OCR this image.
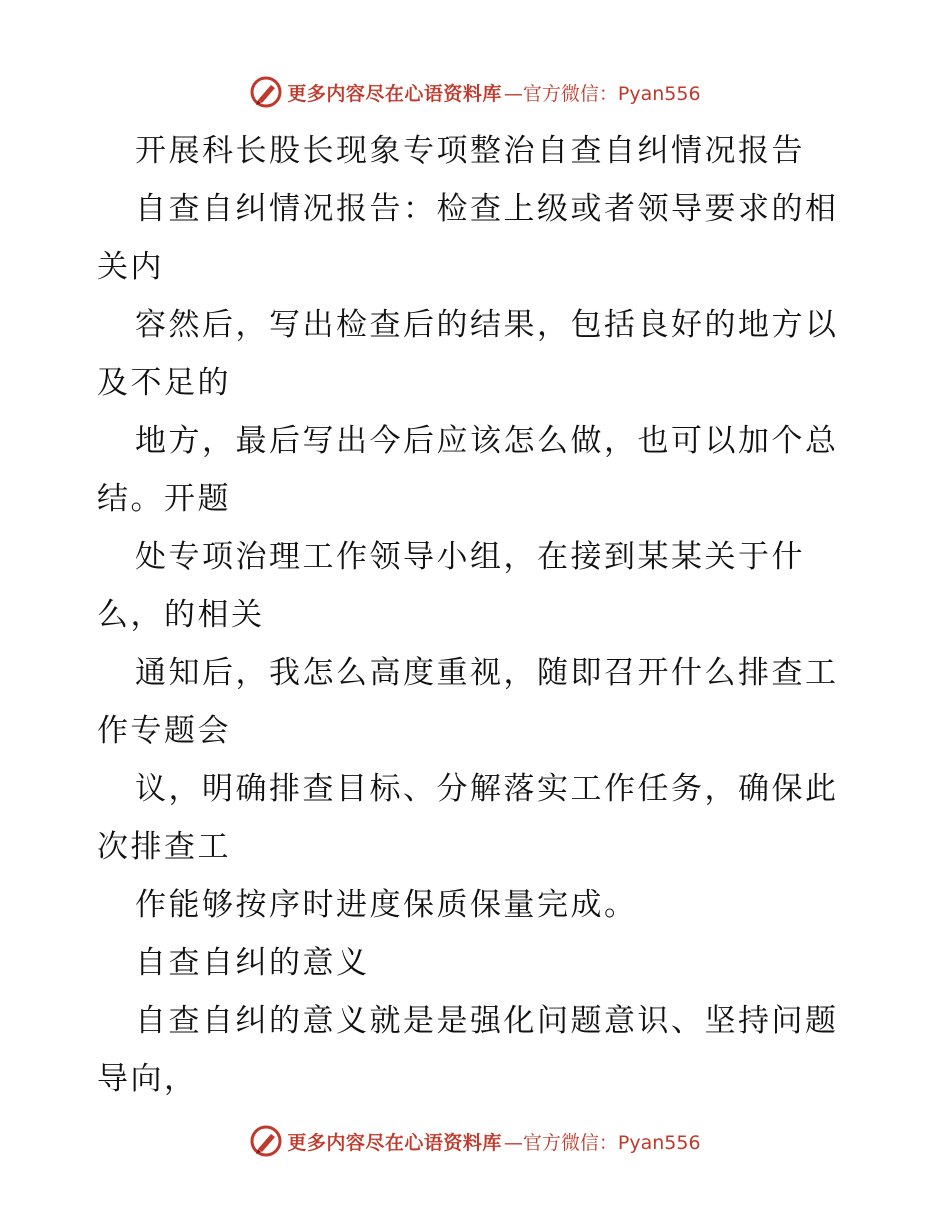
更多内容尽在心语资料库 —官方微信：Pyan556

开展科长股长现象专项整治自查自纠情况报告

自查自纠情况报告：检查上级或者领导要求的相

关内

容然后，写出检查后的结果，包括良好的地方以

及不足的

地方，最后写出今后应该怎么做，也可以加个总

结。开题

处专项治理工作领导小组，在接到某某关于什

么，的相关

通知后，我怎么高度重视，随即召开什么排查工

作专题会

议，明确排查目标、分解落实工作任务，确保此

次排查工

作能够按序时进度保质保量完成。

自查自纠的意义

自查自纠的意义就是是强化问题意识、坚持问题

导向，

更多内容尽在心语资料库 —官方微信：Pyan556
